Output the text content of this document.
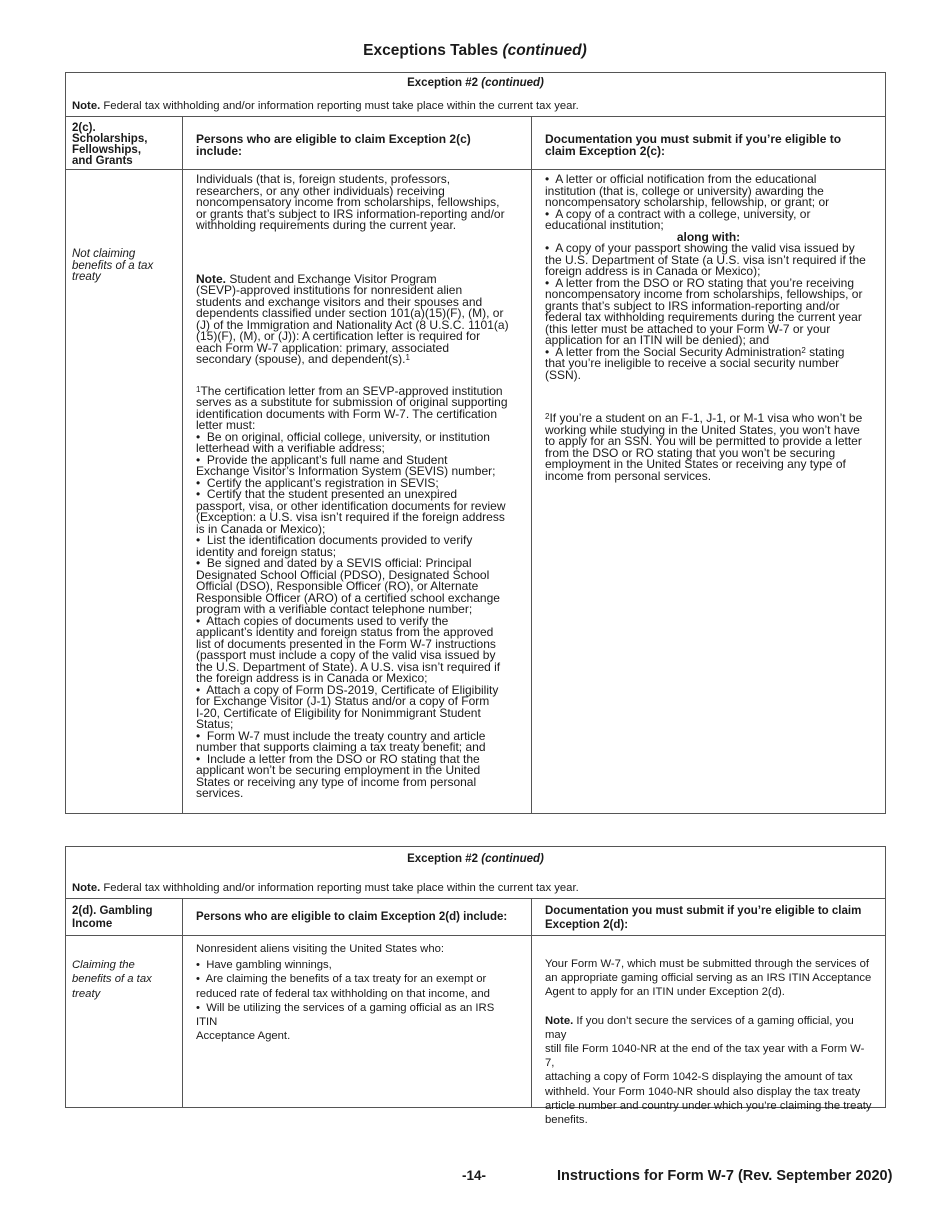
Exceptions Tables (continued)
Exception #2 (continued)
Note. Federal tax withholding and/or information reporting must take place within the current tax year.
2(c).
Scholarships,
Fellowships,
and Grants
Persons who are eligible to claim Exception 2(c)
include:
Documentation you must submit if you’re eligible to
claim Exception 2(c):
Not claiming
benefits of a tax
treaty
Individuals (that is, foreign students, professors,
researchers, or any other individuals) receiving
noncompensatory income from scholarships, fellowships,
or grants that’s subject to IRS information-reporting and/or
withholding requirements during the current year.
Note. Student and Exchange Visitor Program
(SEVP)-approved institutions for nonresident alien
students and exchange visitors and their spouses and
dependents classified under section 101(a)(15)(F), (M), or
(J) of the Immigration and Nationality Act (8 U.S.C. 1101(a)
(15)(F), (M), or (J)): A certification letter is required for
each Form W-7 application: primary, associated
secondary (spouse), and dependent(s).$^1$
$^1$The certification letter from an SEVP-approved institution
serves as a substitute for submission of original supporting
identification documents with Form W-7. The certification
letter must:
•  Be on original, official college, university, or institution
letterhead with a verifiable address;
•  Provide the applicant’s full name and Student
Exchange Visitor’s Information System (SEVIS) number;
•  Certify the applicant’s registration in SEVIS;
•  Certify that the student presented an unexpired
passport, visa, or other identification documents for review
(Exception: a U.S. visa isn’t required if the foreign address
is in Canada or Mexico);
•  List the identification documents provided to verify
identity and foreign status;
•  Be signed and dated by a SEVIS official: Principal
Designated School Official (PDSO), Designated School
Official (DSO), Responsible Officer (RO), or Alternate
Responsible Officer (ARO) of a certified school exchange
program with a verifiable contact telephone number;
•  Attach copies of documents used to verify the
applicant’s identity and foreign status from the approved
list of documents presented in the Form W-7 instructions
(passport must include a copy of the valid visa issued by
the U.S. Department of State). A U.S. visa isn’t required if
the foreign address is in Canada or Mexico;
•  Attach a copy of Form DS-2019, Certificate of Eligibility
for Exchange Visitor (J-1) Status and/or a copy of Form
I-20, Certificate of Eligibility for Nonimmigrant Student
Status;
•  Form W-7 must include the treaty country and article
number that supports claiming a tax treaty benefit; and
•  Include a letter from the DSO or RO stating that the
applicant won’t be securing employment in the United
States or receiving any type of income from personal
services.
•  A letter or official notification from the educational
institution (that is, college or university) awarding the
noncompensatory scholarship, fellowship, or grant; or
•  A copy of a contract with a college, university, or
educational institution;
along with:
•  A copy of your passport showing the valid visa issued by
the U.S. Department of State (a U.S. visa isn’t required if the
foreign address is in Canada or Mexico);
•  A letter from the DSO or RO stating that you’re receiving
noncompensatory income from scholarships, fellowships, or
grants that’s subject to IRS information-reporting and/or
federal tax withholding requirements during the current year
(this letter must be attached to your Form W-7 or your
application for an ITIN will be denied); and
•  A letter from the Social Security Administration$^2$ stating
that you’re ineligible to receive a social security number
(SSN).
$^2$If you’re a student on an F-1, J-1, or M-1 visa who won’t be
working while studying in the United States, you won’t have
to apply for an SSN. You will be permitted to provide a letter
from the DSO or RO stating that you won’t be securing
employment in the United States or receiving any type of
income from personal services.
Exception #2 (continued)
Note. Federal tax withholding and/or information reporting must take place within the current tax year.
2(d). Gambling
Income
Persons who are eligible to claim Exception 2(d) include:	Documentation you must submit if you’re eligible to claim
Exception 2(d):
Claiming the
benefits of a tax
treaty
Nonresident aliens visiting the United States who:
•  Have gambling winnings,
•  Are claiming the benefits of a tax treaty for an exempt or
reduced rate of federal tax withholding on that income, and
•  Will be utilizing the services of a gaming official as an IRS ITIN
Acceptance Agent.
Your Form W-7, which must be submitted through the services of
an appropriate gaming official serving as an IRS ITIN Acceptance
Agent to apply for an ITIN under Exception 2(d).
Note. If you don’t secure the services of a gaming official, you may
still file Form 1040-NR at the end of the tax year with a Form W-7,
attaching a copy of Form 1042-S displaying the amount of tax
withheld. Your Form 1040-NR should also display the tax treaty
article number and country under which you’re claiming the treaty
benefits.
-14-	Instructions for Form W-7 (Rev. September 2020)
